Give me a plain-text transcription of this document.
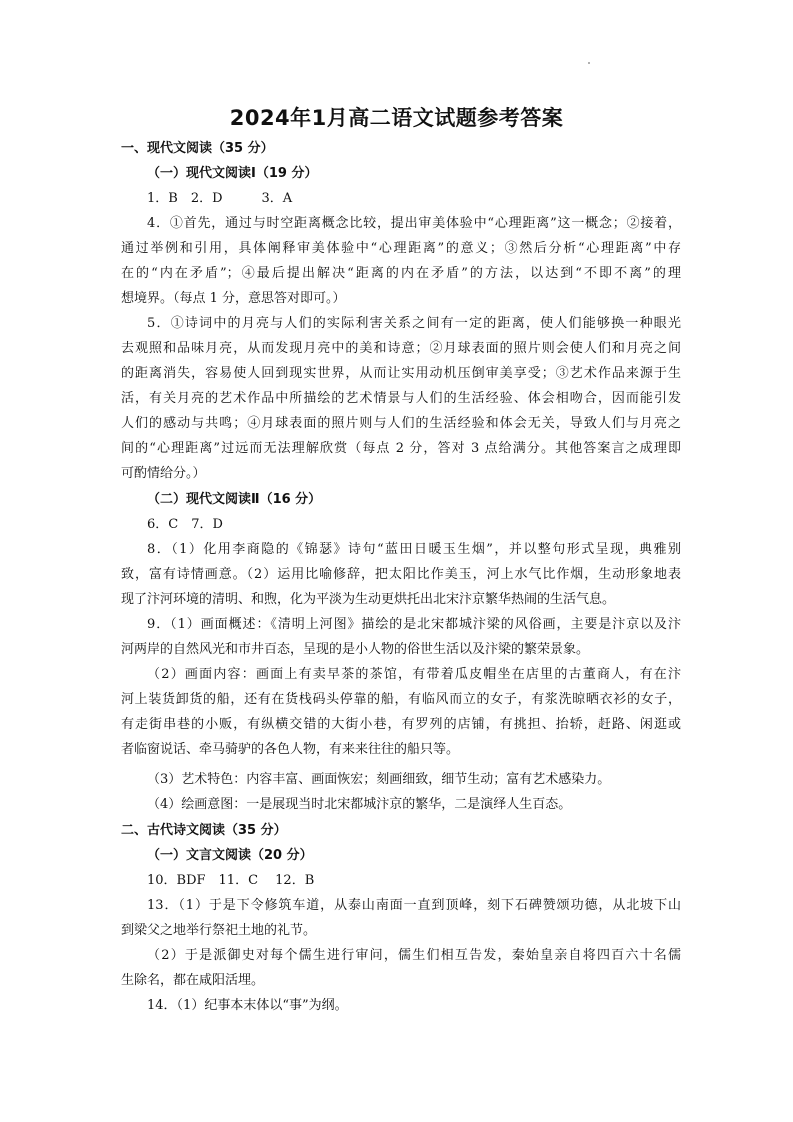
2024年1月高二语文试题参考答案
一、现代文阅读（35 分）
（一）现代文阅读Ⅰ（19 分）
1．B　2．D　　　3．A
4．①首先，通过与时空距离概念比较，提出审美体验中“心理距离”这一概念；②接着，
通过举例和引用，具体阐释审美体验中“心理距离”的意义；③然后分析“心理距离”中存
在的“内在矛盾”；④最后提出解决“距离的内在矛盾”的方法，以达到“不即不离”的理
想境界。（每点 1 分，意思答对即可。）
5．①诗词中的月亮与人们的实际利害关系之间有一定的距离，使人们能够换一种眼光
去观照和品味月亮，从而发现月亮中的美和诗意；②月球表面的照片则会使人们和月亮之间
的距离消失，容易使人回到现实世界，从而让实用动机压倒审美享受；③艺术作品来源于生
活，有关月亮的艺术作品中所描绘的艺术情景与人们的生活经验、体会相吻合，因而能引发
人们的感动与共鸣；④月球表面的照片则与人们的生活经验和体会无关，导致人们与月亮之
间的“心理距离”过远而无法理解欣赏（每点 2 分，答对 3 点给满分。其他答案言之成理即
可酌情给分。）
（二）现代文阅读Ⅱ（16 分）
6．C　7．D
8．（1）化用李商隐的《锦瑟》诗句“蓝田日暖玉生烟”，并以整句形式呈现，典雅别
致，富有诗情画意。（2）运用比喻修辞，把太阳比作美玉，河上水气比作烟，生动形象地表
现了汴河环境的清明、和煦，化为平淡为生动更烘托出北宋汴京繁华热闹的生活气息。
9．（1）画面概述：《清明上河图》描绘的是北宋都城汴梁的风俗画，主要是汴京以及汴
河两岸的自然风光和市井百态，呈现的是小人物的俗世生活以及汴梁的繁荣景象。
（2）画面内容：画面上有卖早茶的茶馆，有带着瓜皮帽坐在店里的古董商人，有在汴
河上装货卸货的船，还有在货栈码头停靠的船，有临风而立的女子，有浆洗晾晒衣衫的女子，
有走街串巷的小贩，有纵横交错的大街小巷，有罗列的店铺，有挑担、抬轿，赶路、闲逛或
者临窗说话、牵马骑驴的各色人物，有来来往往的船只等。
（3）艺术特色：内容丰富、画面恢宏；刻画细致，细节生动；富有艺术感染力。
（4）绘画意图：一是展现当时北宋都城汴京的繁华，二是演绎人生百态。
二、古代诗文阅读（35 分）
（一）文言文阅读（20 分）
10．BDF　11．C　 12．B
13．（1）于是下令修筑车道，从泰山南面一直到顶峰，刻下石碑赞颂功德，从北坡下山
到梁父之地举行祭祀土地的礼节。
（2）于是派御史对每个儒生进行审问，儒生们相互告发，秦始皇亲自将四百六十名儒
生除名，都在咸阳活埋。
14．（1）纪事本末体以“事”为纲。
